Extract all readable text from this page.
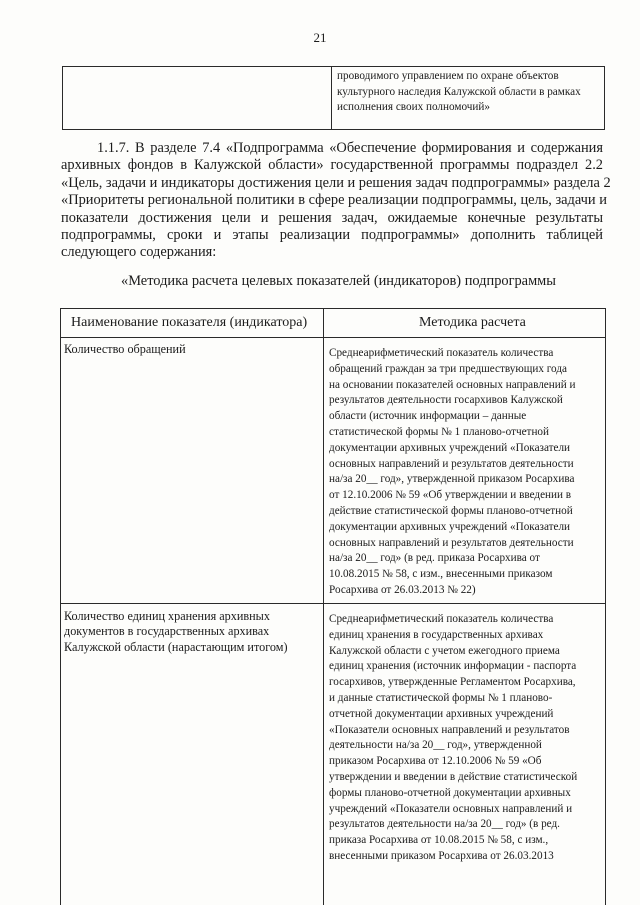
21
проводимого управлением по охране объектов
культурного наследия Калужской области в рамках
исполнения своих полномочий»
1.1.7. В разделе 7.4 «Подпрограмма «Обеспечение формирования и содержания
архивных фондов в Калужской области» государственной программы подраздел 2.2
«Цель, задачи и индикаторы достижения цели и решения задач подпрограммы» раздела 2
«Приоритеты региональной политики в сфере реализации подпрограммы, цель, задачи и
показатели достижения цели и решения задач, ожидаемые конечные результаты
подпрограммы, сроки и этапы реализации подпрограммы» дополнить таблицей
следующего содержания:
«Методика расчета целевых показателей (индикаторов) подпрограммы
Наименование показателя (индикатора)	Методика расчета
Количество обращений	Среднеарифметический показатель количества
обращений граждан за три предшествующих года
на основании показателей основных направлений и
результатов деятельности госархивов Калужской
области (источник информации – данные
статистической формы № 1 планово-отчетной
документации архивных учреждений «Показатели
основных направлений и результатов деятельности
на/за 20__ год», утвержденной приказом Росархива
от 12.10.2006 № 59 «Об утверждении и введении в
действие статистической формы планово-отчетной
документации архивных учреждений «Показатели
основных направлений и результатов деятельности
на/за 20__ год» (в ред. приказа Росархива от
10.08.2015 № 58, с изм., внесенными приказом
Росархива от 26.03.2013 № 22)
Количество единиц хранения архивных
документов в государственных архивах
Калужской области (нарастающим итогом)
Среднеарифметический показатель количества
единиц хранения в государственных архивах
Калужской области с учетом ежегодного приема
единиц хранения (источник информации - паспорта
госархивов, утвержденные Регламентом Росархива,
и данные статистической формы № 1 планово-
отчетной документации архивных учреждений
«Показатели основных направлений и результатов
деятельности на/за 20__ год», утвержденной
приказом Росархива от 12.10.2006 № 59 «Об
утверждении и введении в действие статистической
формы планово-отчетной документации архивных
учреждений «Показатели основных направлений и
результатов деятельности на/за 20__ год» (в ред.
приказа Росархива от 10.08.2015 № 58, с изм.,
внесенными приказом Росархива от 26.03.2013
